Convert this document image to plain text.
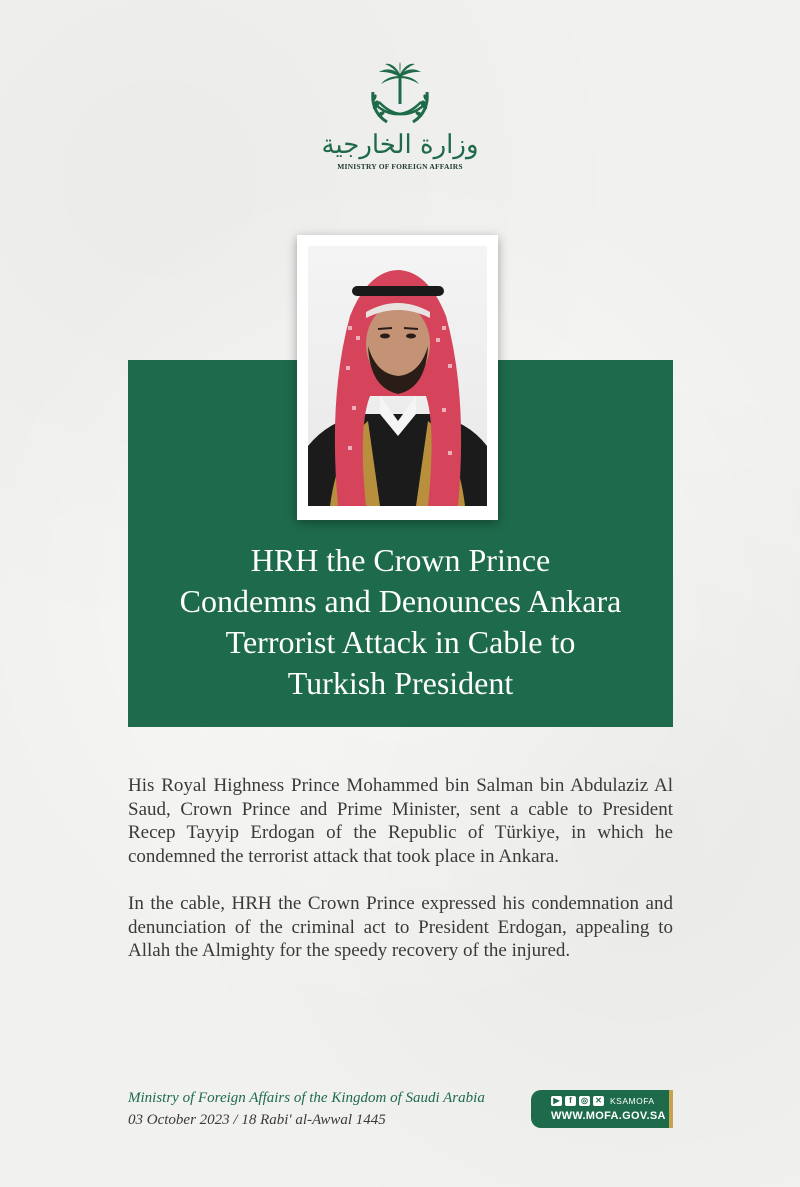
وزارة الخارجية
MINISTRY OF FOREIGN AFFAIRS
HRH the Crown Prince
Condemns and Denounces Ankara
Terrorist Attack in Cable to
Turkish President

His Royal Highness Prince Mohammed bin Salman bin Abdulaziz Al Saud, Crown Prince and Prime Minister, sent a cable to President Recep Tayyip Erdogan of the Republic of Türkiye, in which he condemned the terrorist attack that took place in Ankara.

In the cable, HRH the Crown Prince expressed his condemnation and denunciation of the criminal act to President Erdogan, appealing to Allah the Almighty for the speedy recovery of the injured.

Ministry of Foreign Affairs of the Kingdom of Saudi Arabia
03 October 2023 / 18 Rabi' al-Awwal 1445
▶	f	◎ ✕ KSAMOFA
WWW.MOFA.GOV.SA
